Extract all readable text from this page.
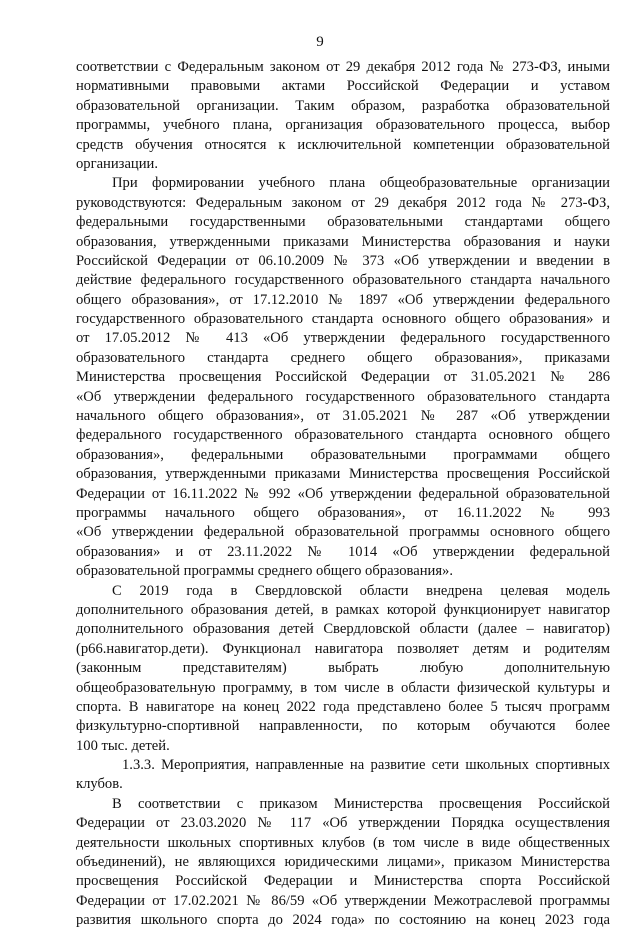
9
соответствии с Федеральным законом от 29 декабря 2012 года № 273-ФЗ, иными
нормативными правовыми актами Российской Федерации и уставом
образовательной организации. Таким образом, разработка образовательной
программы, учебного плана, организация образовательного процесса, выбор
средств обучения относятся к исключительной компетенции образовательной
организации.
При формировании учебного плана общеобразовательные организации
руководствуются: Федеральным законом от 29 декабря 2012 года № 273-ФЗ,
федеральными государственными образовательными стандартами общего
образования, утвержденными приказами Министерства образования и науки
Российской Федерации от 06.10.2009 № 373 «Об утверждении и введении в
действие федерального государственного образовательного стандарта начального
общего образования», от 17.12.2010 № 1897 «Об утверждении федерального
государственного образовательного стандарта основного общего образования» и
от 17.05.2012 № 413 «Об утверждении федерального государственного
образовательного стандарта среднего общего образования», приказами
Министерства просвещения Российской Федерации от 31.05.2021 № 286
«Об утверждении федерального государственного образовательного стандарта
начального общего образования», от 31.05.2021 № 287 «Об утверждении
федерального государственного образовательного стандарта основного общего
образования», федеральными образовательными программами общего
образования, утвержденными приказами Министерства просвещения Российской
Федерации от 16.11.2022 № 992 «Об утверждении федеральной образовательной
программы начального общего образования», от 16.11.2022 № 993
«Об утверждении федеральной образовательной программы основного общего
образования» и от 23.11.2022 № 1014 «Об утверждении федеральной
образовательной программы среднего общего образования».
С 2019 года в Свердловской области внедрена целевая модель
дополнительного образования детей, в рамках которой функционирует навигатор
дополнительного образования детей Свердловской области (далее – навигатор)
(р66.навигатор.дети). Функционал навигатора позволяет детям и родителям
(законным представителям) выбрать любую дополнительную
общеобразовательную программу, в том числе в области физической культуры и
спорта. В навигаторе на конец 2022 года представлено более 5 тысяч программ
физкультурно-спортивной направленности, по которым обучаются более
100 тыс. детей.
1.3.3. Мероприятия, направленные на развитие сети школьных спортивных
клубов.
В соответствии с приказом Министерства просвещения Российской
Федерации от 23.03.2020 № 117 «Об утверждении Порядка осуществления
деятельности школьных спортивных клубов (в том числе в виде общественных
объединений), не являющихся юридическими лицами», приказом Министерства
просвещения Российской Федерации и Министерства спорта Российской
Федерации от 17.02.2021 № 86/59 «Об утверждении Межотраслевой программы
развития школьного спорта до 2024 года» по состоянию на конец 2023 года
